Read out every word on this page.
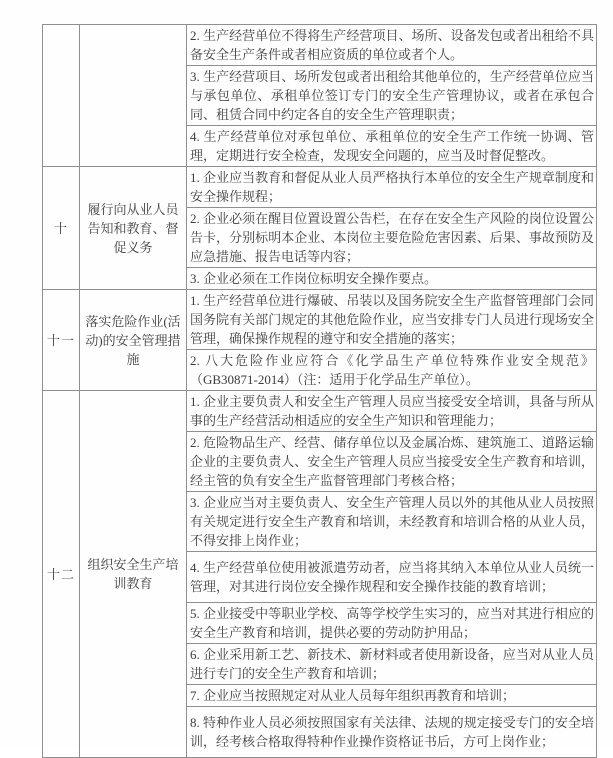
		2. 生产经营单位不得将生产经营项目、场所、设备发包或者出租给不具备安全生产条件或者相应资质的单位或者个人。
		3. 生产经营项目、场所发包或者出租给其他单位的，生产经营单位应当与承包单位、承租单位签订专门的安全生产管理协议，或者在承包合同、租赁合同中约定各自的安全生产管理职责；
		4. 生产经营单位对承包单位、承租单位的安全生产工作统一协调、管理，定期进行安全检查，发现安全问题的，应当及时督促整改。
十	履行向从业人员告知和教育、督促义务	1. 企业应当教育和督促从业人员严格执行本单位的安全生产规章制度和安全操作规程；
		2. 企业必须在醒目位置设置公告栏，在存在安全生产风险的岗位设置公告卡，分别标明本企业、本岗位主要危险危害因素、后果、事故预防及应急措施、报告电话等内容；
		3. 企业必须在工作岗位标明安全操作要点。
十一	落实危险作业(活动)的安全管理措施	1. 生产经营单位进行爆破、吊装以及国务院安全生产监督管理部门会同国务院有关部门规定的其他危险作业，应当安排专门人员进行现场安全管理，确保操作规程的遵守和安全措施的落实；
		2. 八大危险作业应符合《化学品生产单位特殊作业安全规范》（GB30871-2014）（注：适用于化学品生产单位）。
十二	组织安全生产培训教育	1. 企业主要负责人和安全生产管理人员应当接受安全培训，具备与所从事的生产经营活动相适应的安全生产知识和管理能力；
		2. 危险物品生产、经营、储存单位以及金属冶炼、建筑施工、道路运输企业的主要负责人、安全生产管理人员应当接受安全生产教育和培训，经主管的负有安全生产监督管理部门考核合格；
		3. 企业应当对主要负责人、安全生产管理人员以外的其他从业人员按照有关规定进行安全生产教育和培训，未经教育和培训合格的从业人员，不得安排上岗作业；
		4. 生产经营单位使用被派遣劳动者，应当将其纳入本单位从业人员统一管理，对其进行岗位安全操作规程和安全操作技能的教育培训；
		5. 企业接受中等职业学校、高等学校学生实习的，应当对其进行相应的安全生产教育和培训，提供必要的劳动防护用品；
		6. 企业采用新工艺、新技术、新材料或者使用新设备，应当对从业人员进行专门的安全生产教育和培训；
		7. 企业应当按照规定对从业人员每年组织再教育和培训；
		8. 特种作业人员必须按照国家有关法律、法规的规定接受专门的安全培训，经考核合格取得特种作业操作资格证书后，方可上岗作业；
